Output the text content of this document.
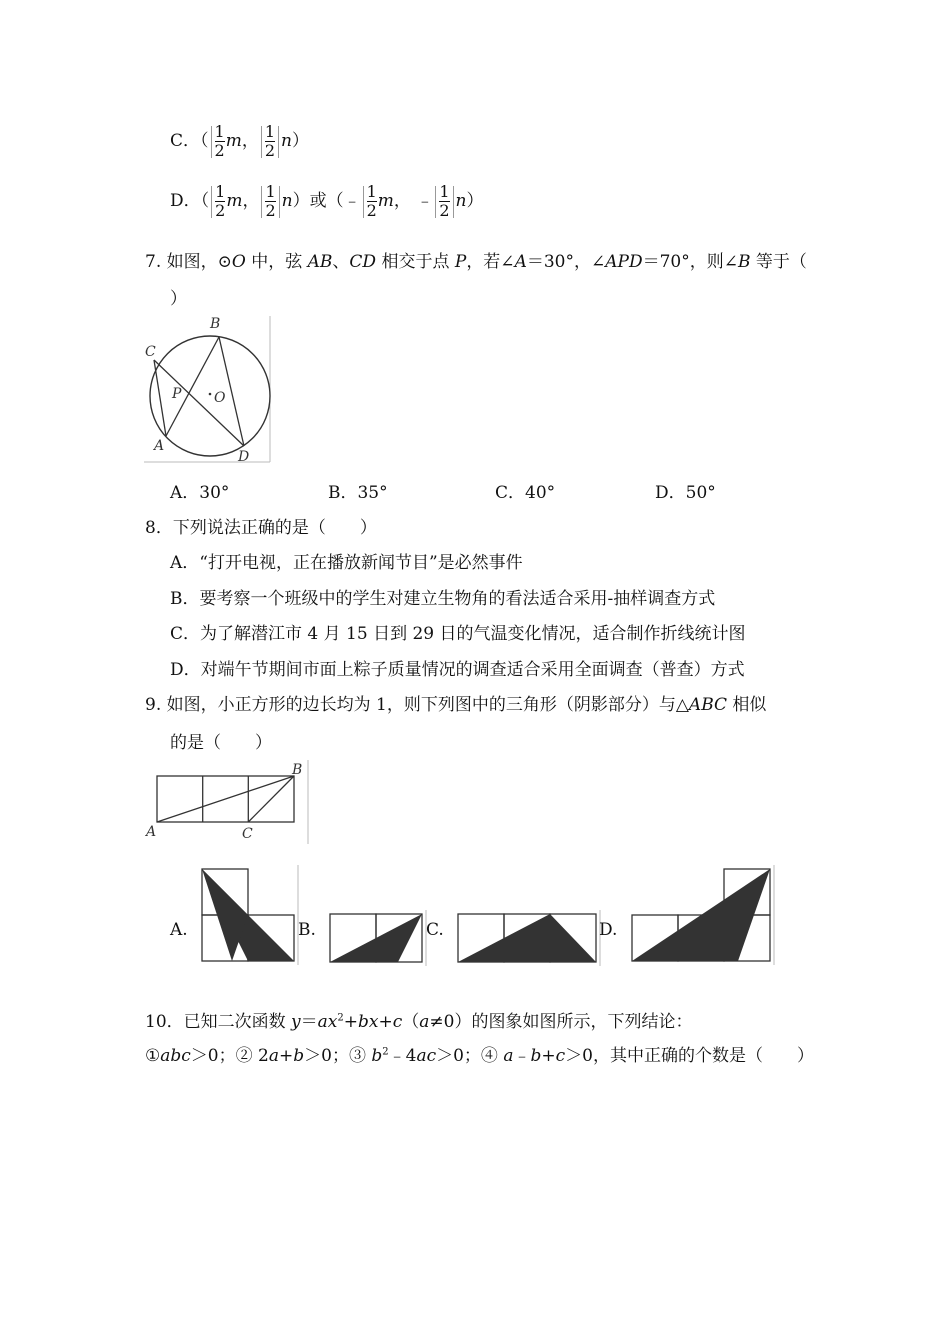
C．（ $\frac{1}{2}$ m， $\frac{1}{2} n$）
D．（ $\frac{1}{2}$ m， $\frac{1}{2} n$）或（﹣ $\frac{1}{2}$ m， ﹣ $\frac{1}{2} n$）
7. 如图，⊙O 中，弦 AB、CD 相交于点 P，若∠A＝30°，∠APD＝70°，则∠B 等于（
）
C
B
P O
A
D
A．30°	B．35°	C．40°	D．50°
8．下列说法正确的是（　　）
A．“打开电视，正在播放新闻节目”是必然事件
B．要考察一个班级中的学生对建立生物角的看法适合采用-抽样调查方式
C．为了解潜江市 4 月 15 日到 29 日的气温变化情况，适合制作折线统计图
D．对端午节期间市面上粽子质量情况的调查适合采用全面调查（普查）方式
9. 如图，小正方形的边长均为 1，则下列图中的三角形（阴影部分）与△ABC 相似
的是（　　）
A
B
C
A.	B.	C.	D.
10．已知二次函数 $y=ax^2+bx+c(a\ne 0)$的图象如图所示，下列结论：
①abc＞0；② 2a+b＞0；③ $b^2﹣4ac>0$；④ a﹣b+c＞0，其中正确的个数是（　　）
